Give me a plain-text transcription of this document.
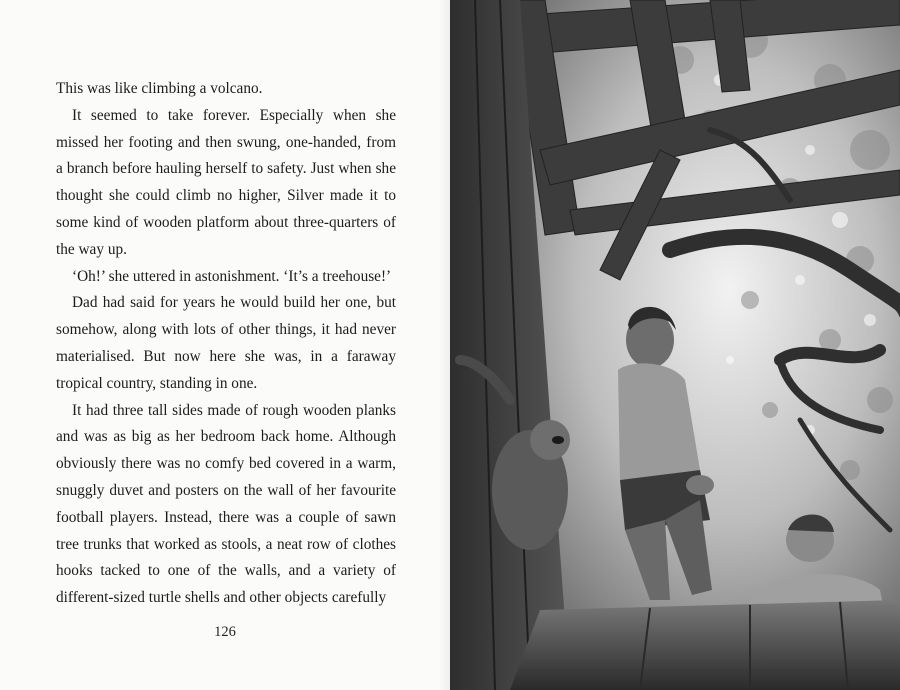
This was like climbing a volcano.

It seemed to take forever. Especially when she missed her footing and then swung, one-handed, from a branch before hauling herself to safety. Just when she thought she could climb no higher, Silver made it to some kind of wooden platform about three-quarters of the way up.

‘Oh!’ she uttered in astonishment. ‘It’s a treehouse!’

Dad had said for years he would build her one, but somehow, along with lots of other things, it had never materialised. But now here she was, in a faraway tropical country, standing in one.

It had three tall sides made of rough wooden planks and was as big as her bedroom back home. Although obviously there was no comfy bed covered in a warm, snuggly duvet and posters on the wall of her favourite football players. Instead, there was a couple of sawn tree trunks that worked as stools, a neat row of clothes hooks tacked to one of the walls, and a variety of different-sized turtle shells and other objects carefully

126
